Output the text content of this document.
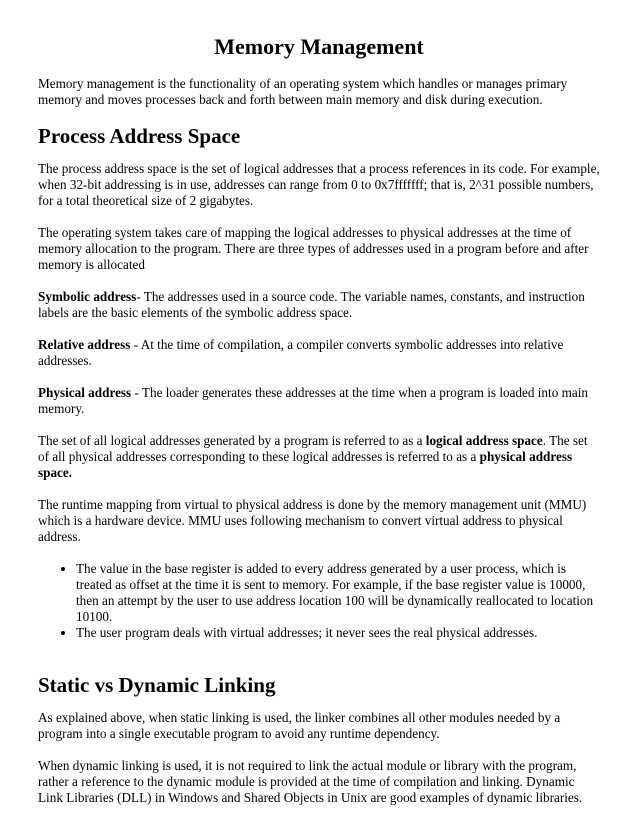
Memory Management

Memory management is the functionality of an operating system which handles or manages primary memory and moves processes back and forth between main memory and disk during execution.

Process Address Space

The process address space is the set of logical addresses that a process references in its code. For example, when 32-bit addressing is in use, addresses can range from 0 to 0x7fffffff; that is, 2^31 possible numbers, for a total theoretical size of 2 gigabytes.

The operating system takes care of mapping the logical addresses to physical addresses at the time of memory allocation to the program. There are three types of addresses used in a program before and after memory is allocated

Symbolic address- The addresses used in a source code. The variable names, constants, and instruction labels are the basic elements of the symbolic address space.

Relative address - At the time of compilation, a compiler converts symbolic addresses into relative addresses.

Physical address - The loader generates these addresses at the time when a program is loaded into main memory.

The set of all logical addresses generated by a program is referred to as a logical address space. The set of all physical addresses corresponding to these logical addresses is referred to as a physical address space.

The runtime mapping from virtual to physical address is done by the memory management unit (MMU) which is a hardware device. MMU uses following mechanism to convert virtual address to physical address.

• The value in the base register is added to every address generated by a user process, which is treated as offset at the time it is sent to memory. For example, if the base register value is 10000, then an attempt by the user to use address location 100 will be dynamically reallocated to location 10100.
• The user program deals with virtual addresses; it never sees the real physical addresses.
Static vs Dynamic Linking

As explained above, when static linking is used, the linker combines all other modules needed by a program into a single executable program to avoid any runtime dependency.

When dynamic linking is used, it is not required to link the actual module or library with the program, rather a reference to the dynamic module is provided at the time of compilation and linking. Dynamic Link Libraries (DLL) in Windows and Shared Objects in Unix are good examples of dynamic libraries.
